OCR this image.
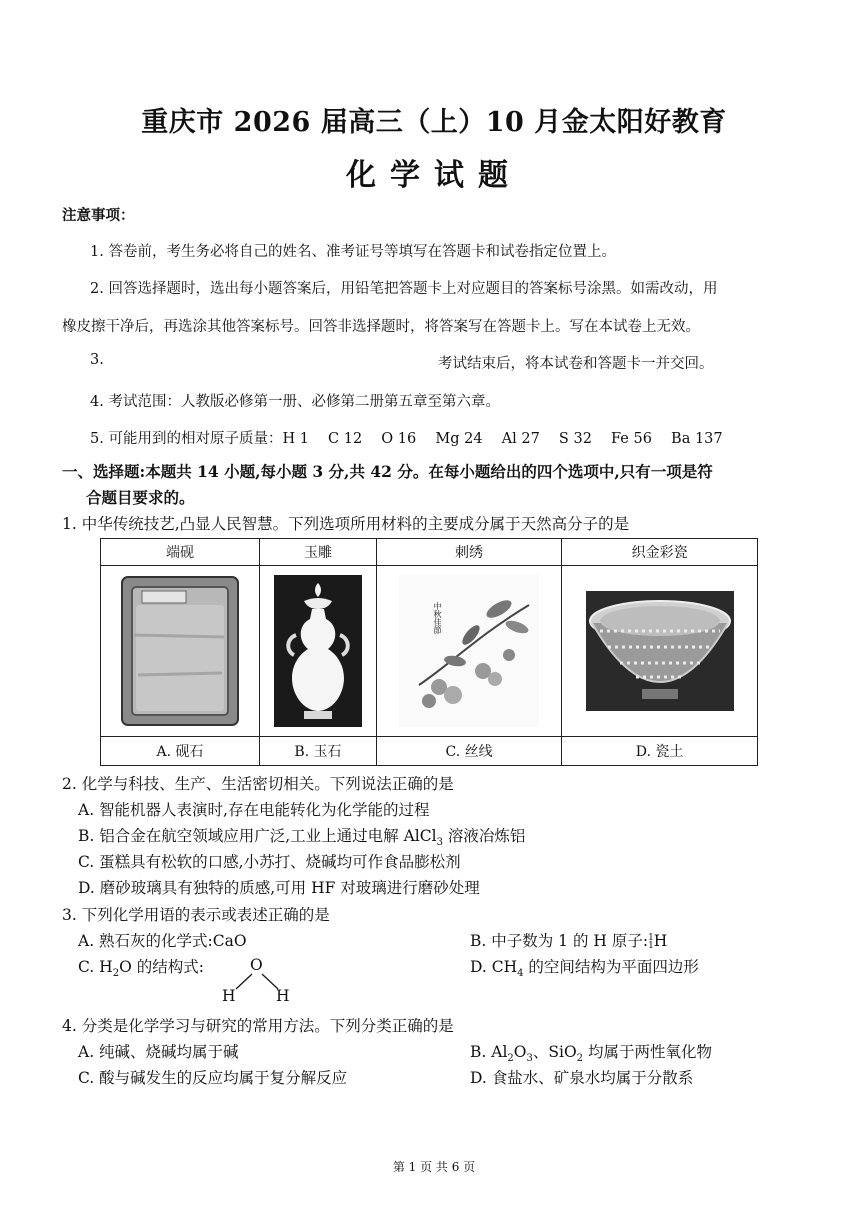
重庆市 2026 届高三（上）10 月金太阳好教育
化学试题
注意事项：
1. 答卷前，考生务必将自己的姓名、准考证号等填写在答题卡和试卷指定位置上。
2. 回答选择题时，选出每小题答案后，用铅笔把答题卡上对应题目的答案标号涂黑。如需改动，用
橡皮擦干净后，再选涂其他答案标号。回答非选择题时，将答案写在答题卡上。写在本试卷上无效。
3.	考试结束后，将本试卷和答题卡一并交回。
4. 考试范围：人教版必修第一册、必修第二册第五章至第六章。
5. 可能用到的相对原子质量：H 1　 C 12　 O 16　 Mg 24　 Al 27　 S 32　 Fe 56　 Ba 137
一、选择题:本题共 14 小题,每小题 3 分,共 42 分。在每小题给出的四个选项中,只有一项是符
合题目要求的。
1. 中华传统技艺,凸显人民智慧。下列选项所用材料的主要成分属于天然高分子的是
端砚	玉雕	刺绣	织金彩瓷

A. 砚石	B. 玉石	C. 丝线	D. 瓷土
中秋佳節
2. 化学与科技、生产、生活密切相关。下列说法正确的是
A. 智能机器人表演时,存在电能转化为化学能的过程
B. 铝合金在航空领域应用广泛,工业上通过电解 AlCl$_3$ 溶液冶炼铝
C. 蛋糕具有松软的口感,小苏打、烧碱均可作食品膨松剂
D. 磨砂玻璃具有独特的质感,可用 HF 对玻璃进行磨砂处理
3. 下列化学用语的表示或表述正确的是
A. 熟石灰的化学式:CaO	B. 中子数为 1 的 H 原子:1
1H
C. $H_2O$ 的结构式:	O
H	H
D. $CH_4$ 的空间结构为平面四边形
4. 分类是化学学习与研究的常用方法。下列分类正确的是
A. 纯碱、烧碱均属于碱	B. $Al_2O_3$、SiO$_2$ 均属于两性氧化物
C. 酸与碱发生的反应均属于复分解反应	D. 食盐水、矿泉水均属于分散系
第 1 页 共 6 页
